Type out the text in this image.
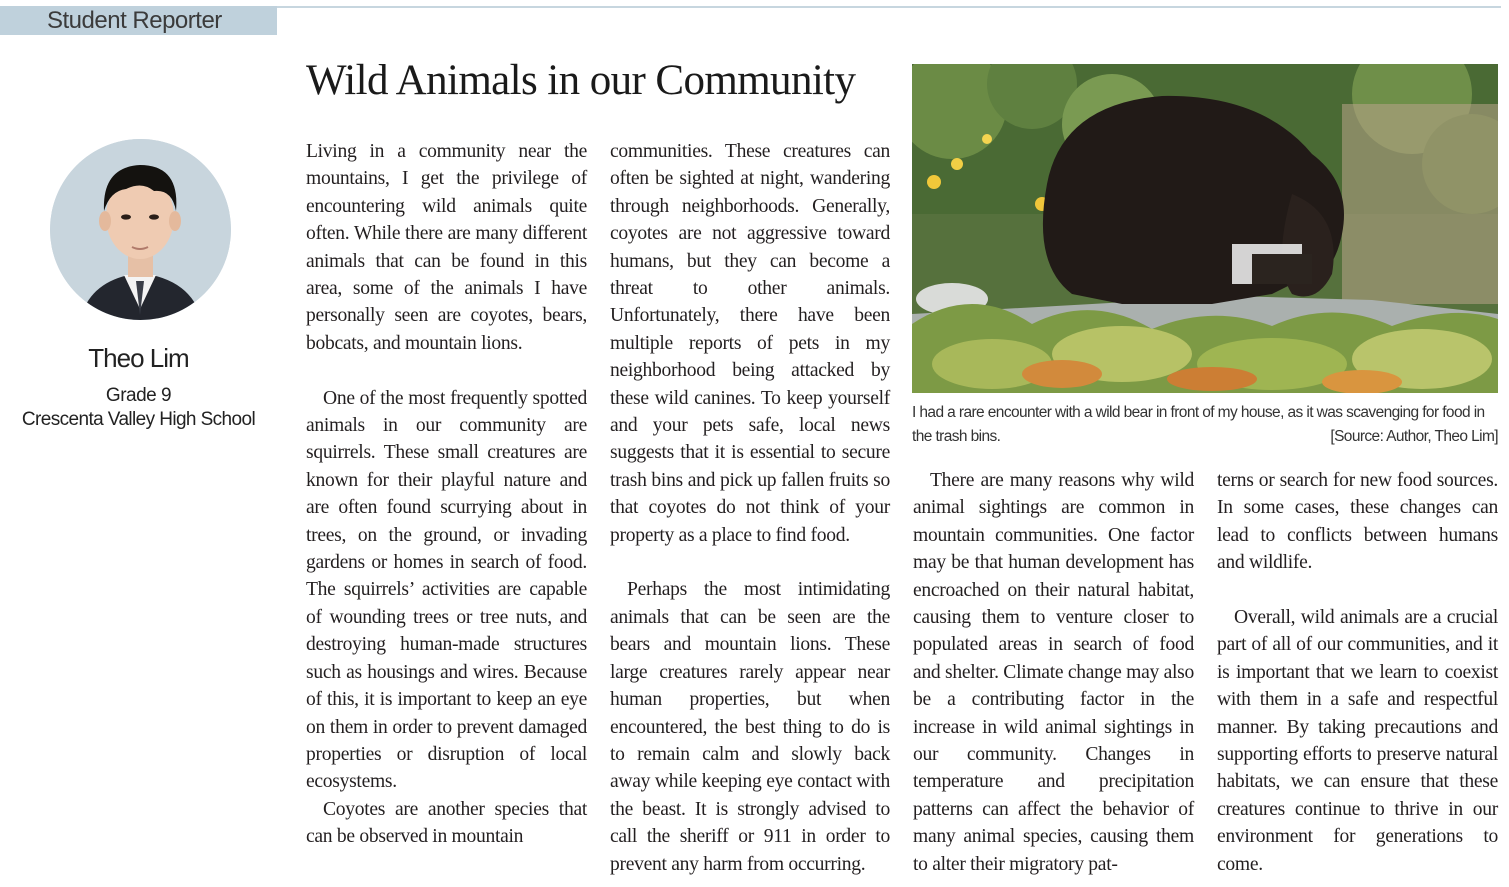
Student Reporter
Theo Lim
Grade 9
Crescenta Valley High School
Wild Animals in our Community

Living in a community near the mountains, I get the privilege of encountering wild animals quite often. While there are many different animals that can be found in this area, some of the animals I have personally seen are coyotes, bears, bobcats, and mountain lions.

One of the most frequently spotted animals in our community are squirrels. These small creatures are known for their playful nature and are often found scurrying about in trees, on the ground, or invading gardens or homes in search of food. The squirrels’ activities are capable of wounding trees or tree nuts, and destroying human-made structures such as housings and wires. Because of this, it is important to keep an eye on them in order to prevent damaged properties or disruption of local ecosystems.

Coyotes are another species that can be observed in mountain

communities. These creatures can often be sighted at night, wandering through neighborhoods. Generally, coyotes are not aggressive toward humans, but they can become a threat to other animals. Unfortunately, there have been multiple reports of pets in my neighborhood being attacked by these wild canines. To keep yourself and your pets safe, local news suggests that it is essential to secure trash bins and pick up fallen fruits so that coyotes do not think of your property as a place to find food.

Perhaps the most intimidating animals that can be seen are the bears and mountain lions. These large creatures rarely appear near human properties, but when encountered, the best thing to do is to remain calm and slowly back away while keeping eye contact with the beast. It is strongly advised to call the sheriff or 911 in order to prevent any harm from occurring.

I had a rare encounter with a wild bear in front of my house, as it was scavenging for food in the trash bins.	[Source: Author, Theo Lim]

There are many reasons why wild animal sightings are common in mountain communities. One factor may be that human development has encroached on their natural habitat, causing them to venture closer to populated areas in search of food and shelter. Climate change may also be a contributing factor in the increase in wild animal sightings in our community. Changes in temperature and precipitation patterns can affect the behavior of many animal species, causing them to alter their migratory pat-

terns or search for new food sources. In some cases, these changes can lead to conflicts between humans and wildlife.

Overall, wild animals are a crucial part of all of our communities, and it is important that we learn to coexist with them in a safe and respectful manner. By taking precautions and supporting efforts to preserve natural habitats, we can ensure that these creatures continue to thrive in our environment for generations to come.
